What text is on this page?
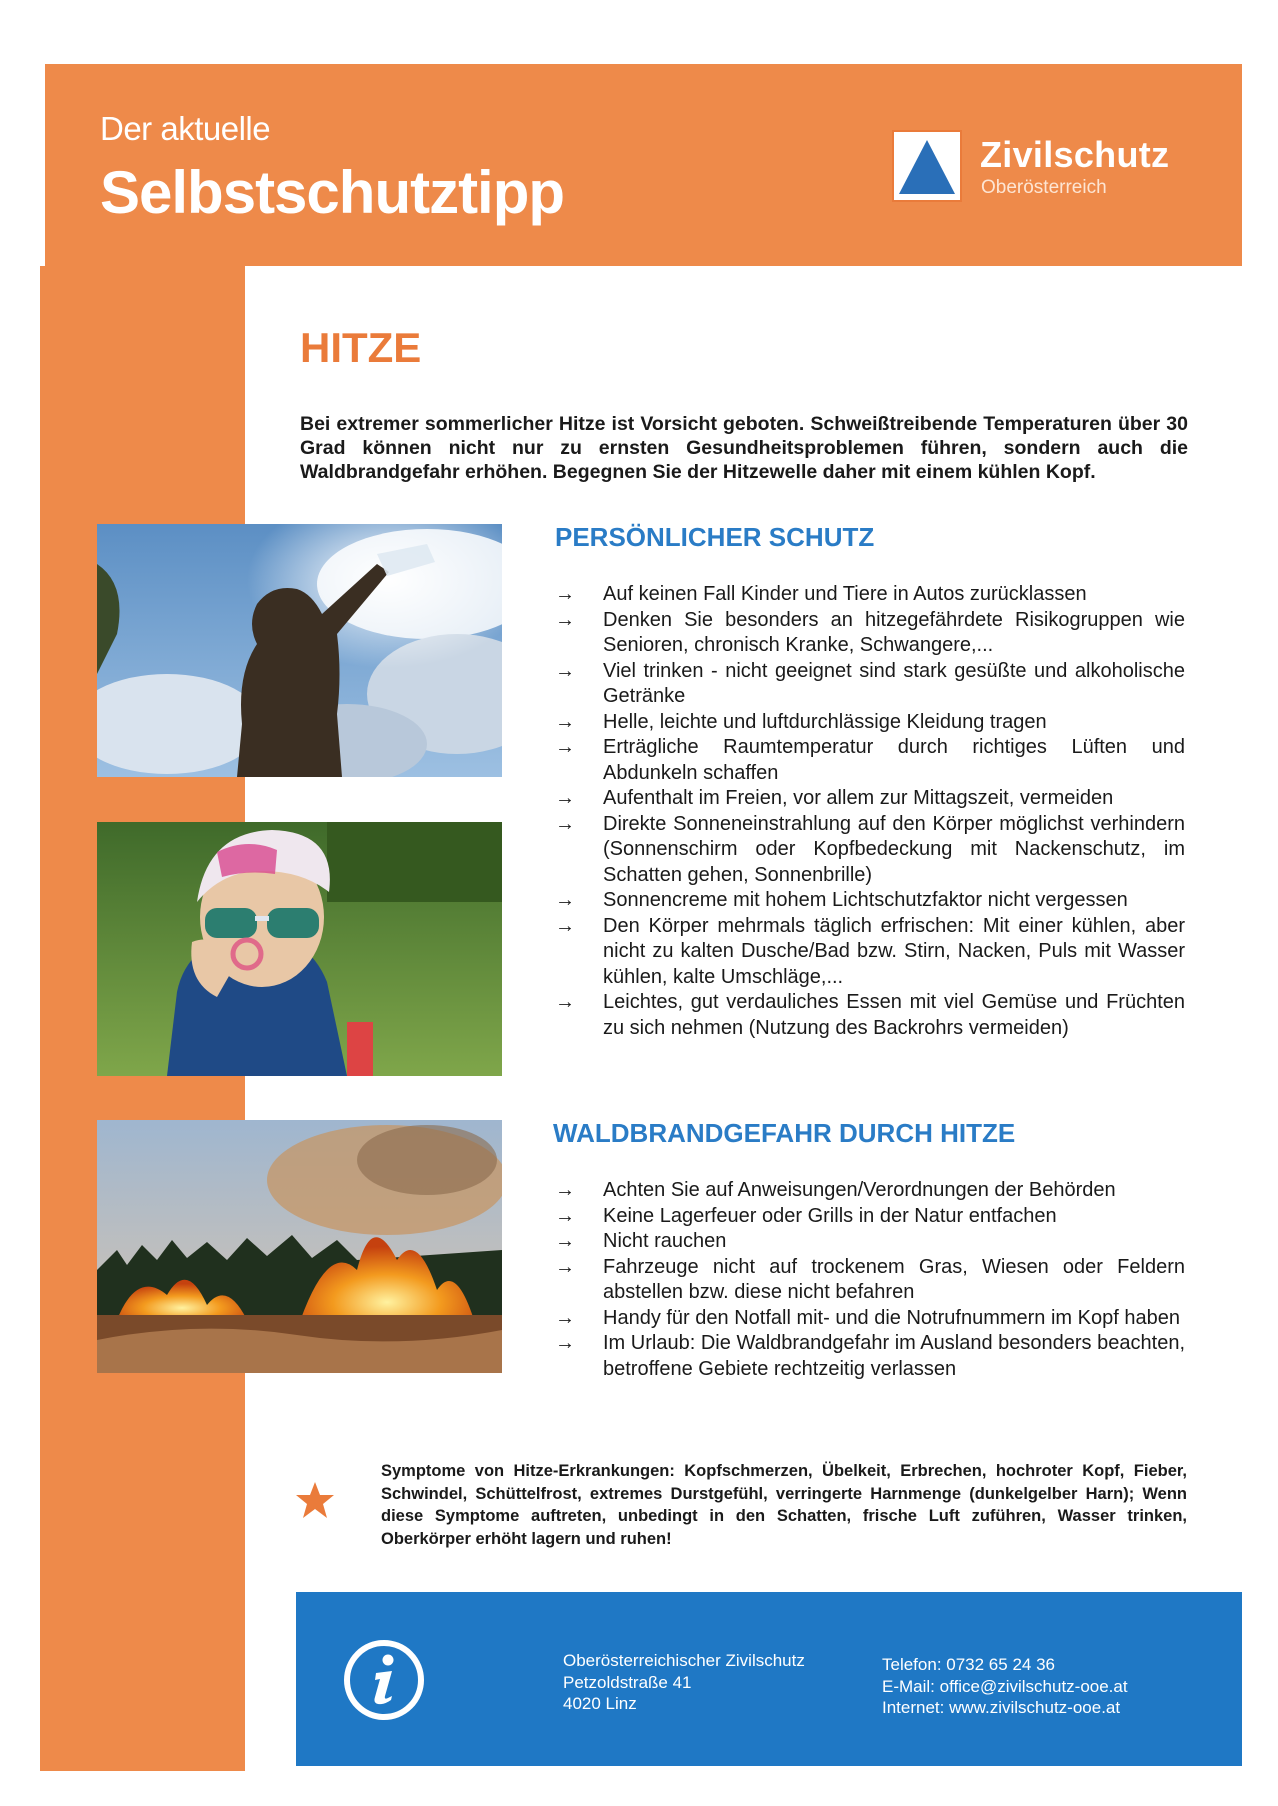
Der aktuelle
Selbstschutztipp
Zivilschutz
Oberösterreich
HITZE
Bei extremer sommerlicher Hitze ist Vorsicht geboten. Schweißtreibende Temperaturen über 30 Grad können nicht nur zu ernsten Gesundheitsproblemen führen, sondern auch die Waldbrandgefahr erhöhen. Begegnen Sie der Hitzewelle daher mit einem kühlen Kopf.
PERSÖNLICHER SCHUTZ
→ Auf keinen Fall Kinder und Tiere in Autos zurücklassen
→ Denken Sie besonders an hitzegefährdete Risikogruppen wie Senioren, chronisch Kranke, Schwangere,...
→ Viel trinken - nicht geeignet sind stark gesüßte und alkoholische Getränke
→ Helle, leichte und luftdurchlässige Kleidung tragen
→ Erträgliche Raumtemperatur durch richtiges Lüften und Abdunkeln schaffen
→ Aufenthalt im Freien, vor allem zur Mittagszeit, vermeiden
→ Direkte Sonneneinstrahlung auf den Körper möglichst verhindern (Sonnenschirm oder Kopfbedeckung mit Nackenschutz, im Schatten gehen, Sonnenbrille)
→ Sonnencreme mit hohem Lichtschutzfaktor nicht vergessen
→ Den Körper mehrmals täglich erfrischen: Mit einer kühlen, aber nicht zu kalten Dusche/Bad bzw. Stirn, Nacken, Puls mit Wasser kühlen, kalte Umschläge,...
→ Leichtes, gut verdauliches Essen mit viel Gemüse und Früchten zu sich nehmen (Nutzung des Backrohrs vermeiden)
WALDBRANDGEFAHR DURCH HITZE
→ Achten Sie auf Anweisungen/Verordnungen der Behörden
→ Keine Lagerfeuer oder Grills in der Natur entfachen
→ Nicht rauchen
→ Fahrzeuge nicht auf trockenem Gras, Wiesen oder Feldern abstellen bzw. diese nicht befahren
→ Handy für den Notfall mit- und die Notrufnummern im Kopf haben
→ Im Urlaub: Die Waldbrandgefahr im Ausland besonders beachten, betroffene Gebiete rechtzeitig verlassen
Symptome von Hitze-Erkrankungen: Kopfschmerzen, Übelkeit, Erbrechen, hochroter Kopf, Fieber, Schwindel, Schüttelfrost, extremes Durstgefühl, verringerte Harnmenge (dunkelgelber Harn); Wenn diese Symptome auftreten, unbedingt in den Schatten, frische Luft zuführen, Wasser trinken, Oberkörper erhöht lagern und ruhen!
Oberösterreichischer Zivilschutz
Petzoldstraße 41
4020 Linz
Telefon: 0732 65 24 36
E-Mail: office@zivilschutz-ooe.at
Internet: www.zivilschutz-ooe.at
